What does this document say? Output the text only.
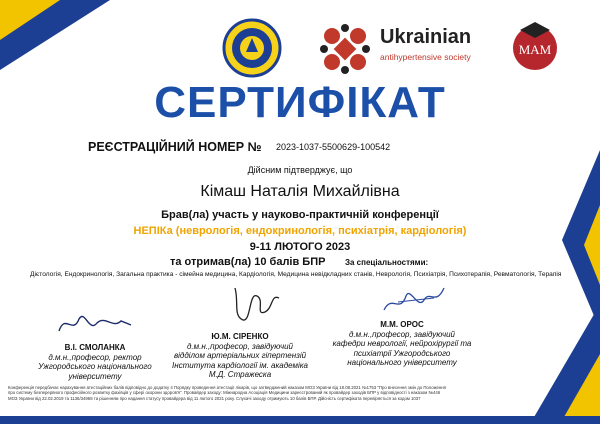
Ukrainian
antihypertensive society	MAM
СЕРТИФІКАТ
РЕЄСТРАЦІЙНИЙ НОМЕР № 2023-1037-5500629-100542
Дійсним підтверджує, що
Кімаш Наталія Михайлівна
Брав(ла) участь у науково-практичній конференції
НЕПІКа (неврологія, ендокринологія, психіатрія, кардіологія)
9-11 ЛЮТОГО 2023
та отримав(ла) 10 балів БПР За спеціальностями:
Дієтологія, Ендокринологія, Загальна практика - сімейна медицина, Кардіологія, Медицина невідкладних станів, Неврологія, Психіатрія, Психотерапія, Ревматологія, Терапія
В.І. СМОЛАНКА
д.м.н.,професор, ректор
Ужгородського національного
університету
Ю.М. СІРЕНКО
д.м.н.,професор, завідуючий
відділом артеріальних гіпертензій
Інститута кардіології ім. академіка
М.Д. Стражеска
М.М. ОРОС
д.м.н.,професор, завідуючий
кафедри неврології, нейрохірургії та
психіатрії Ужгородського
національного університету
Конференція передбачає нарахування атестаційних балів відповідно до додатку 4 Порядку проведення атестації лікарів, що затверджений наказом МОЗ України від 18.08.2021 №1753 "Про внесення змін до Положення про систему безперервного професійного розвитку фахівців у сфері охорони здоров'я". Провайдер заходу: Міжнародна Асоціація Медицини зареєстрований як провайдер заходів БПР у відповідності з наказом №446 МОЗ України від 22.02.2019 та 1136/34968 та рішенням про надання статусу провайдера від 11 лютого 2021 року. Слухачі заходу отримують 10 балів БПР. Дійсність сертифіката перевіряється за кодом 1037
